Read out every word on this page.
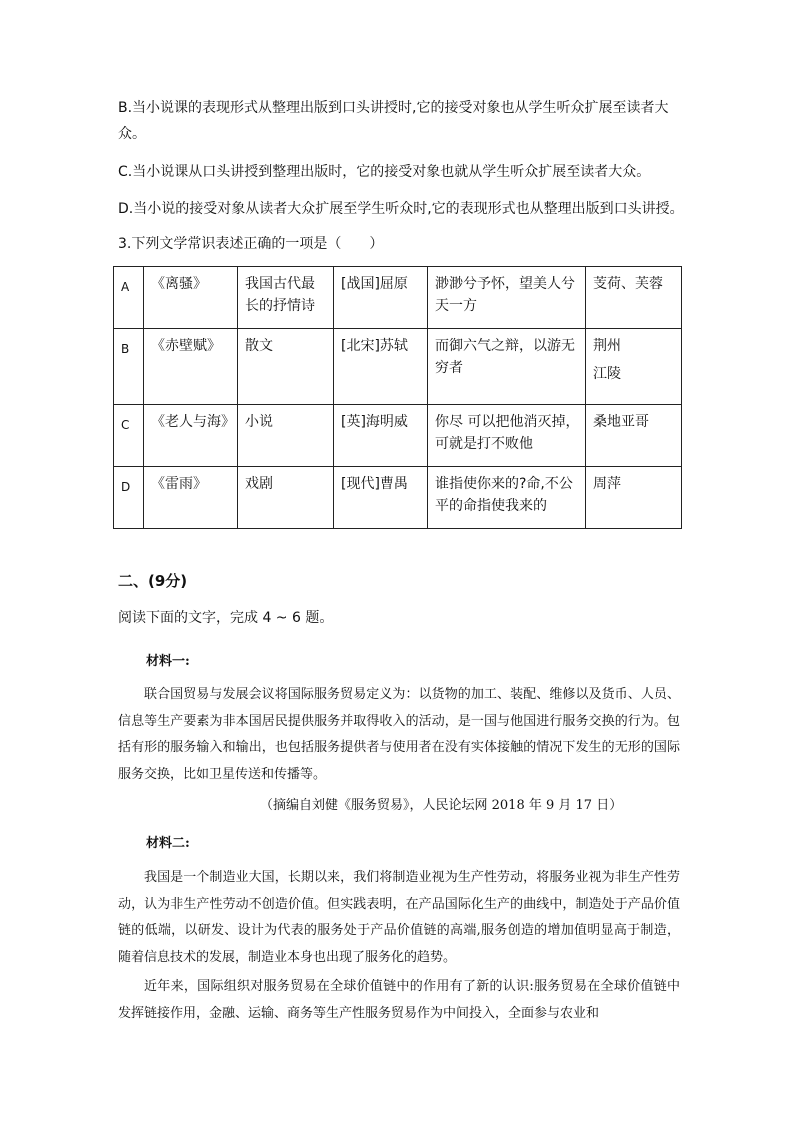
B.当小说课的表现形式从整理出版到口头讲授时,它的接受对象也从学生听众扩展至读者大
众。
C.当小说课从口头讲授到整理出版时，它的接受对象也就从学生听众扩展至读者大众。
D.当小说的接受对象从读者大众扩展至学生听众时,它的表现形式也从整理出版到口头讲授。
3.下列文学常识表述正确的一项是（　　）
A	《离骚》	我国古代最长的抒情诗	[战国]屈原	渺渺兮予怀，望美人兮天一方	芰荷、芙蓉
B	《赤壁赋》	散文	[北宋]苏轼	而御六气之辩，以游无穷者	荆州
江陵

C	《老人与海》	小说	[英]海明威	你尽 可以把他消灭掉，可就是打不败他	桑地亚哥
D	《雷雨》	戏剧	[现代]曹禺	谁指使你来的?命,不公平的命指使我来的	周萍
二、(9分)
阅读下面的文字，完成 4 ~ 6 题。
材料一:
联合国贸易与发展会议将国际服务贸易定义为：以货物的加工、装配、维修以及货币、人员、信息等生产要素为非本国居民提供服务并取得收入的活动，是一国与他国进行服务交换的行为。包括有形的服务输入和输出，也包括服务提供者与使用者在没有实体接触的情况下发生的无形的国际服务交换，比如卫星传送和传播等。
（摘编自刘健《服务贸易》，人民论坛网 2018 年 9 月 17 日）
材料二:
我国是一个制造业大国，长期以来，我们将制造业视为生产性劳动，将服务业视为非生产性劳动，认为非生产性劳动不创造价值。但实践表明，在产品国际化生产的曲线中，制造处于产品价值链的低端，以研发、设计为代表的服务处于产品价值链的高端,服务创造的增加值明显高于制造，随着信息技术的发展，制造业本身也出现了服务化的趋势。
近年来，国际组织对服务贸易在全球价值链中的作用有了新的认识:服务贸易在全球价值链中发挥链接作用，金融、运输、商务等生产性服务贸易作为中间投入，全面参与农业和
